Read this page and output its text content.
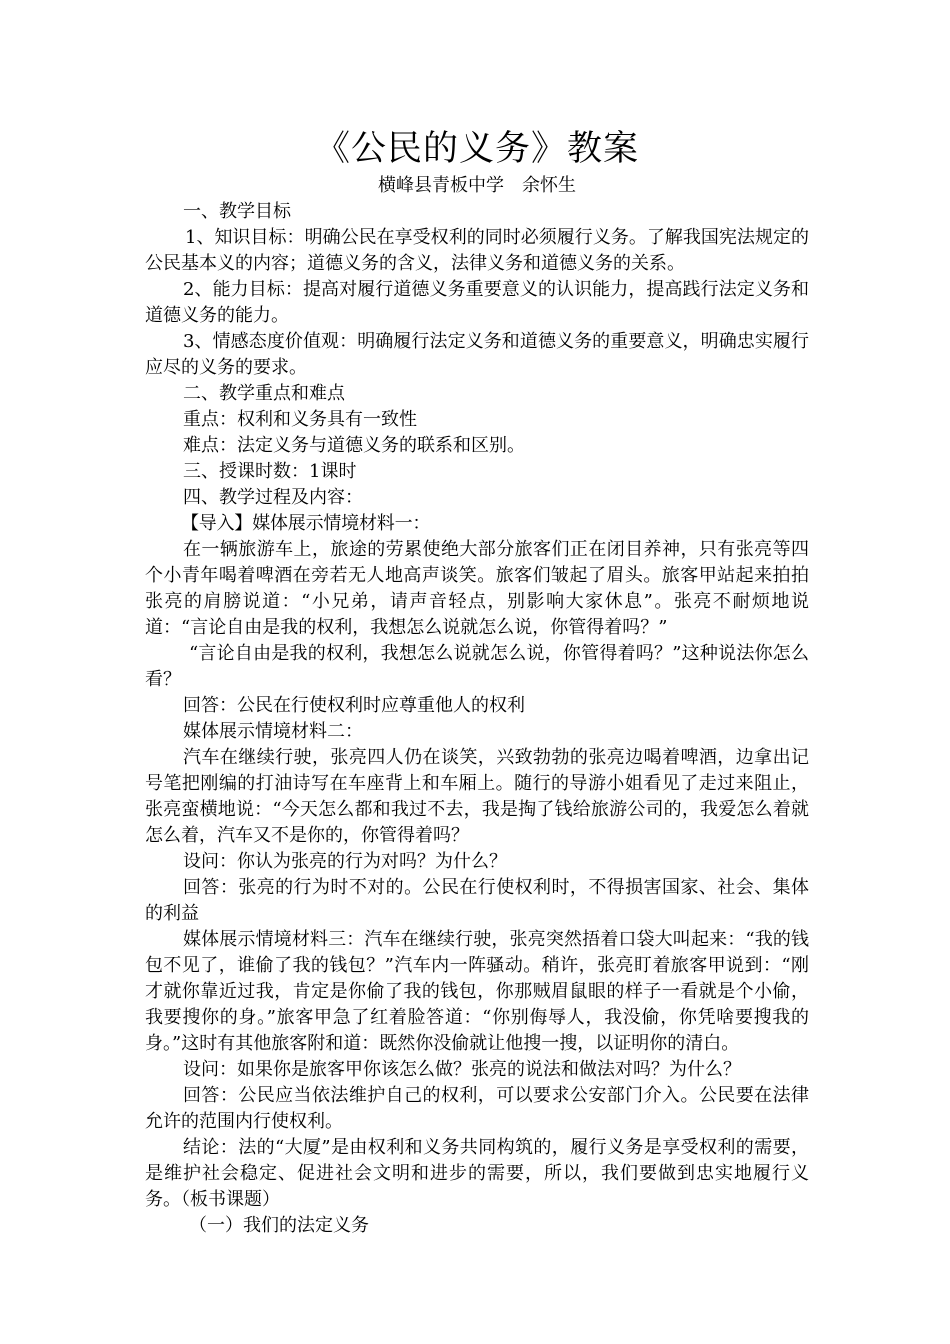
《公民的义务》教案
横峰县青板中学　余怀生

一、教学目标

1、知识目标：明确公民在享受权利的同时必须履行义务。了解我国宪法规定的公民基本义的内容；道德义务的含义，法律义务和道德义务的关系。

2、能力目标：提高对履行道德义务重要意义的认识能力，提高践行法定义务和道德义务的能力。

3、情感态度价值观：明确履行法定义务和道德义务的重要意义，明确忠实履行应尽的义务的要求。

二、教学重点和难点

重点：权利和义务具有一致性

难点：法定义务与道德义务的联系和区别。

三、授课时数：1课时

四、教学过程及内容：

【导入】媒体展示情境材料一：

在一辆旅游车上，旅途的劳累使绝大部分旅客们正在闭目养神，只有张亮等四个小青年喝着啤酒在旁若无人地高声谈笑。旅客们皱起了眉头。旅客甲站起来拍拍张亮的肩膀说道：“小兄弟，请声音轻点，别影响大家休息”。张亮不耐烦地说道：“言论自由是我的权利，我想怎么说就怎么说，你管得着吗？”

“言论自由是我的权利，我想怎么说就怎么说，你管得着吗？”这种说法你怎么看？

回答：公民在行使权利时应尊重他人的权利

媒体展示情境材料二：

汽车在继续行驶，张亮四人仍在谈笑，兴致勃勃的张亮边喝着啤酒，边拿出记号笔把刚编的打油诗写在车座背上和车厢上。随行的导游小姐看见了走过来阻止，张亮蛮横地说：“今天怎么都和我过不去，我是掏了钱给旅游公司的，我爱怎么着就怎么着，汽车又不是你的，你管得着吗？

设问：你认为张亮的行为对吗？为什么？

回答：张亮的行为时不对的。公民在行使权利时，不得损害国家、社会、集体的利益

媒体展示情境材料三：汽车在继续行驶，张亮突然捂着口袋大叫起来：“我的钱包不见了，谁偷了我的钱包？”汽车内一阵骚动。稍许，张亮盯着旅客甲说到：“刚才就你靠近过我，肯定是你偷了我的钱包，你那贼眉鼠眼的样子一看就是个小偷，我要搜你的身。”旅客甲急了红着脸答道：“你别侮辱人，我没偷，你凭啥要搜我的身。”这时有其他旅客附和道：既然你没偷就让他搜一搜，以证明你的清白。

设问：如果你是旅客甲你该怎么做？张亮的说法和做法对吗？为什么？

回答：公民应当依法维护自己的权利，可以要求公安部门介入。公民要在法律允许的范围内行使权利。

结论：法的“大厦”是由权利和义务共同构筑的，履行义务是享受权利的需要，是维护社会稳定、促进社会文明和进步的需要，所以，我们要做到忠实地履行义务。（板书课题）

（一）我们的法定义务
